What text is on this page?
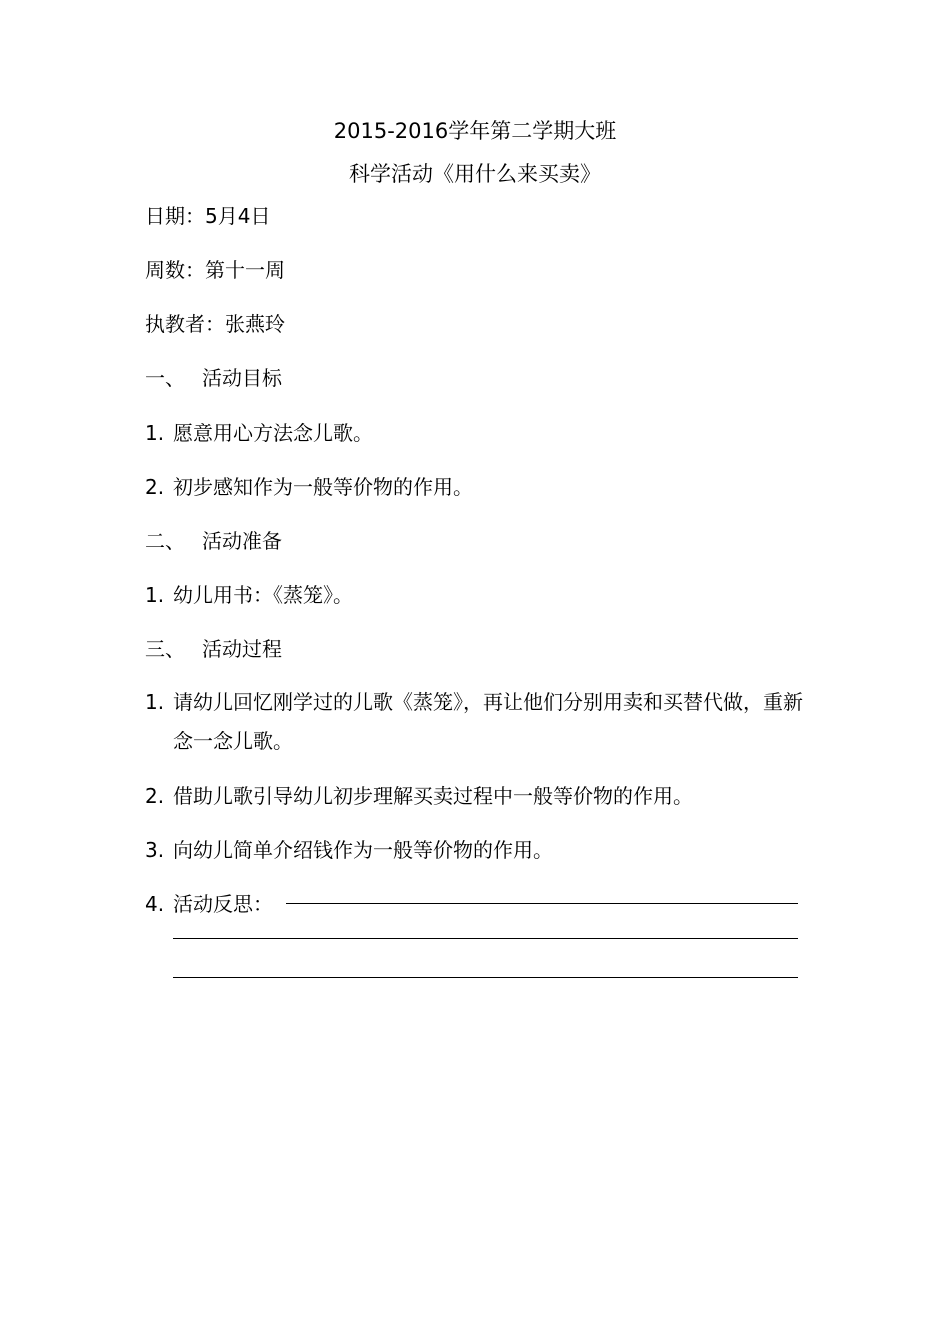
2015-2016学年第二学期大班
科学活动《用什么来买卖》
日期：5月4日
周数：第十一周
执教者：张燕玲
一、 活动目标
1. 愿意用心方法念儿歌。
2. 初步感知作为一般等价物的作用。
二、 活动准备
1. 幼儿用书：《蒸笼》。
三、 活动过程
1. 请幼儿回忆刚学过的儿歌《蒸笼》，再让他们分别用卖和买替代做，重新念一念儿歌。
2. 借助儿歌引导幼儿初步理解买卖过程中一般等价物的作用。
3. 向幼儿简单介绍钱作为一般等价物的作用。
4. 活动反思：
